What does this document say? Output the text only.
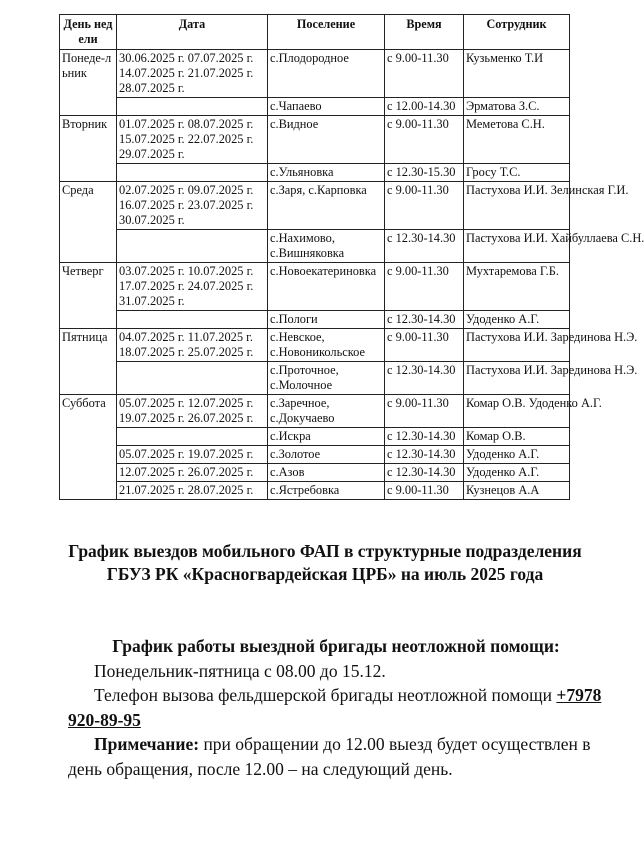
День недели	Дата	Поселение	Время	Сотрудник
Понеде-льник	30.06.2025 г. 07.07.2025 г. 14.07.2025 г. 21.07.2025 г. 28.07.2025 г.	с.Плодородное	с 9.00-11.30	Кузьменко Т.И
		с.Чапаево	с 12.00-14.30	Эрматова З.С.
Вторник	01.07.2025 г. 08.07.2025 г. 15.07.2025 г. 22.07.2025 г. 29.07.2025 г.	с.Видное	с 9.00-11.30	Меметова С.Н.
		с.Ульяновка	с 12.30-15.30	Гросу Т.С.
Среда	02.07.2025 г. 09.07.2025 г. 16.07.2025 г. 23.07.2025 г. 30.07.2025 г.	с.Заря, с.Карповка	с 9.00-11.30	Пастухова И.И. Зелинская Г.И.
		с.Нахимово, с.Вишняковка	с 12.30-14.30	Пастухова И.И. Хайбуллаева С.Н.
Четверг	03.07.2025 г. 10.07.2025 г. 17.07.2025 г. 24.07.2025 г. 31.07.2025 г.	с.Новоекатериновка	с 9.00-11.30	Мухтаремова Г.Б.
		с.Пологи	с 12.30-14.30	Удоденко А.Г.
Пятница	04.07.2025 г. 11.07.2025 г. 18.07.2025 г. 25.07.2025 г.	с.Невское, с.Новоникольское	с 9.00-11.30	Пастухова И.И. Зарединова Н.Э.
		с.Проточное, с.Молочное	с 12.30-14.30	Пастухова И.И. Зарединова Н.Э.
Суббота	05.07.2025 г. 12.07.2025 г. 19.07.2025 г. 26.07.2025 г.	с.Заречное, с.Докучаево	с 9.00-11.30	Комар О.В. Удоденко А.Г.
		с.Искра	с 12.30-14.30	Комар О.В.
	05.07.2025 г. 19.07.2025 г.	с.Золотое	с 12.30-14.30	Удоденко А.Г.
	12.07.2025 г. 26.07.2025 г.	с.Азов	с 12.30-14.30	Удоденко А.Г.
	21.07.2025 г. 28.07.2025 г.	с.Ястребовка	с 9.00-11.30	Кузнецов А.А
График выездов мобильного ФАП в структурные подразделения ГБУЗ РК «Красногвардейская ЦРБ» на июль 2025 года

График работы выездной бригады неотложной помощи:

Понедельник-пятница с 08.00 до 15.12.

Телефон вызова фельдшерской бригады неотложной помощи +7978 920-89-95

Примечание: при обращении до 12.00 выезд будет осуществлен в день обращения, после 12.00 – на следующий день.
